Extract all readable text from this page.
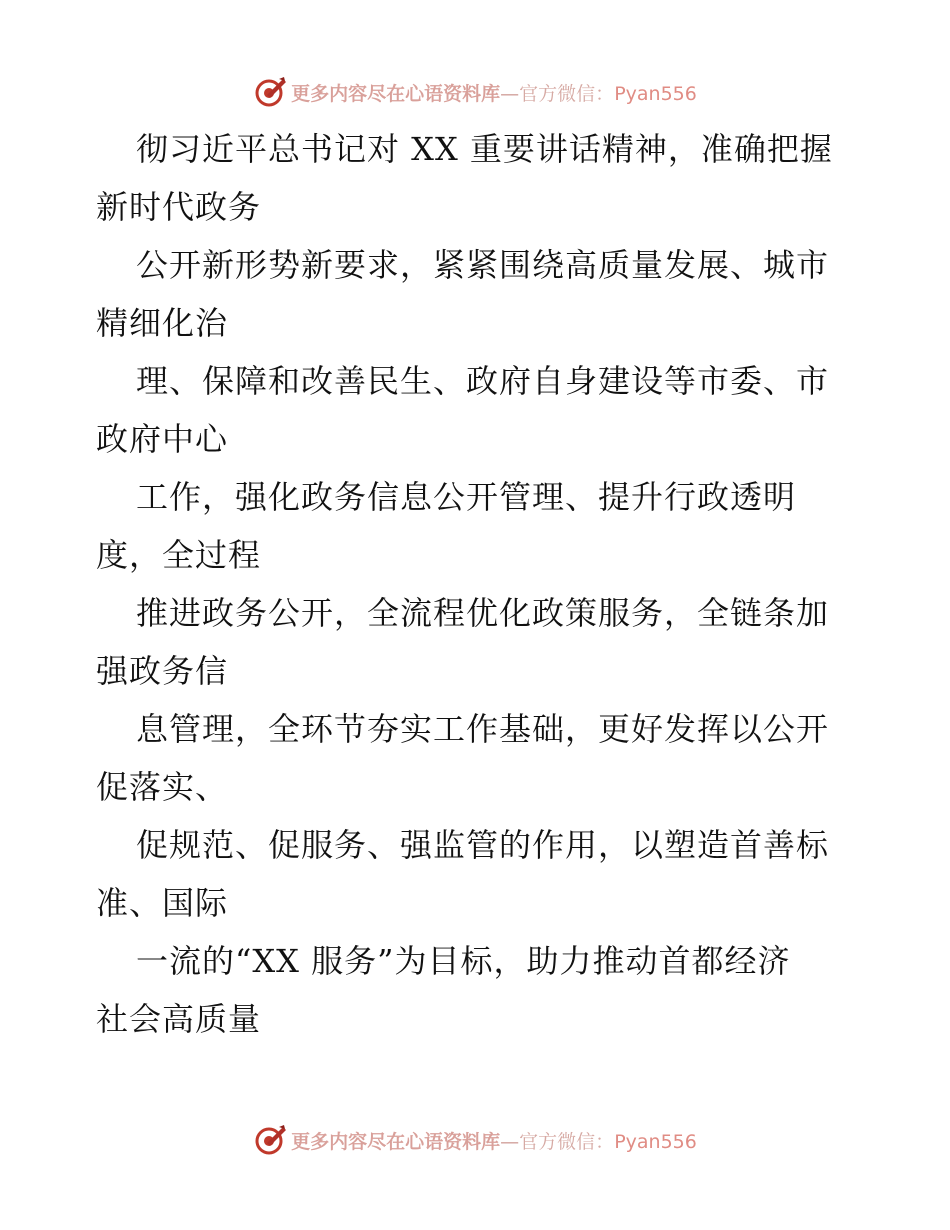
更多内容尽在心语资料库—官方微信：Pyan556

彻习近平总书记对 XX 重要讲话精神，准确把握
新时代政务

公开新形势新要求，紧紧围绕高质量发展、城市
精细化治

理、保障和改善民生、政府自身建设等市委、市
政府中心

工作，强化政务信息公开管理、提升行政透明
度，全过程

推进政务公开，全流程优化政策服务，全链条加
强政务信

息管理，全环节夯实工作基础，更好发挥以公开
促落实、

促规范、促服务、强监管的作用，以塑造首善标
准、国际

一流的“XX 服务”为目标，助力推动首都经济
社会高质量

更多内容尽在心语资料库—官方微信：Pyan556
